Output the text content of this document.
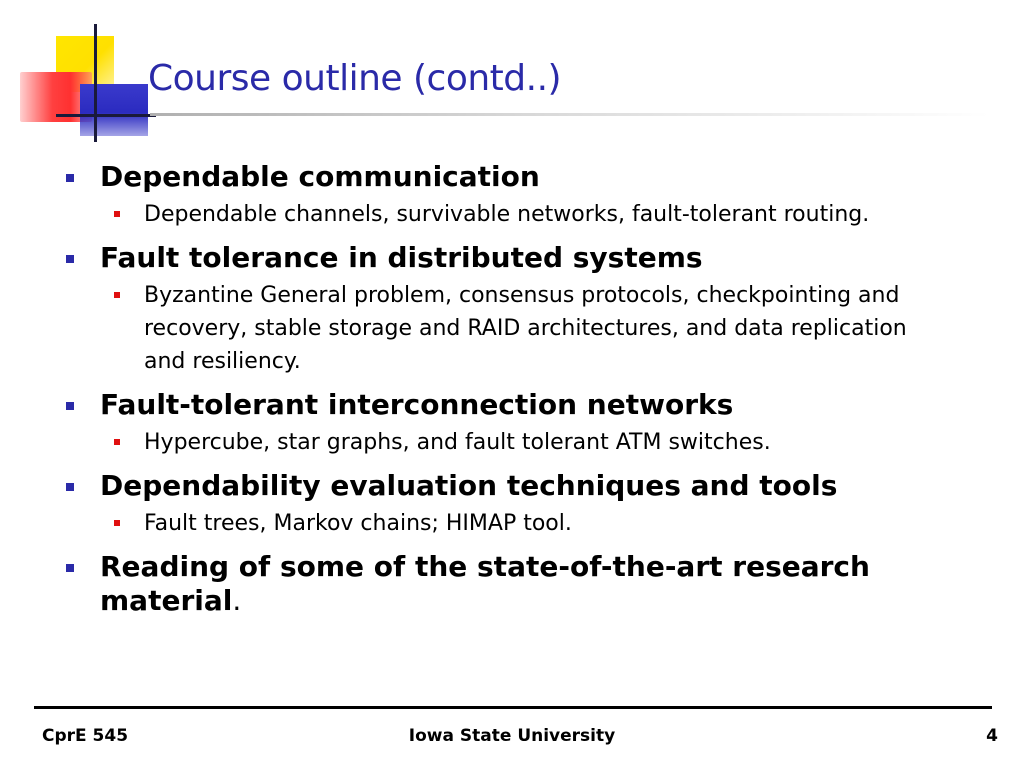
Course outline (contd..)
Dependable communication
Dependable channels, survivable networks, fault-tolerant routing.
Fault tolerance in distributed systems
Byzantine General problem, consensus protocols, checkpointing and recovery, stable storage and RAID architectures, and data replication and resiliency.
Fault-tolerant interconnection networks
Hypercube, star graphs, and fault tolerant ATM switches.
Dependability evaluation techniques and tools
Fault trees, Markov chains; HIMAP tool.
Reading of some of the state-of-the-art research material.
CprE 545	Iowa State University	4
